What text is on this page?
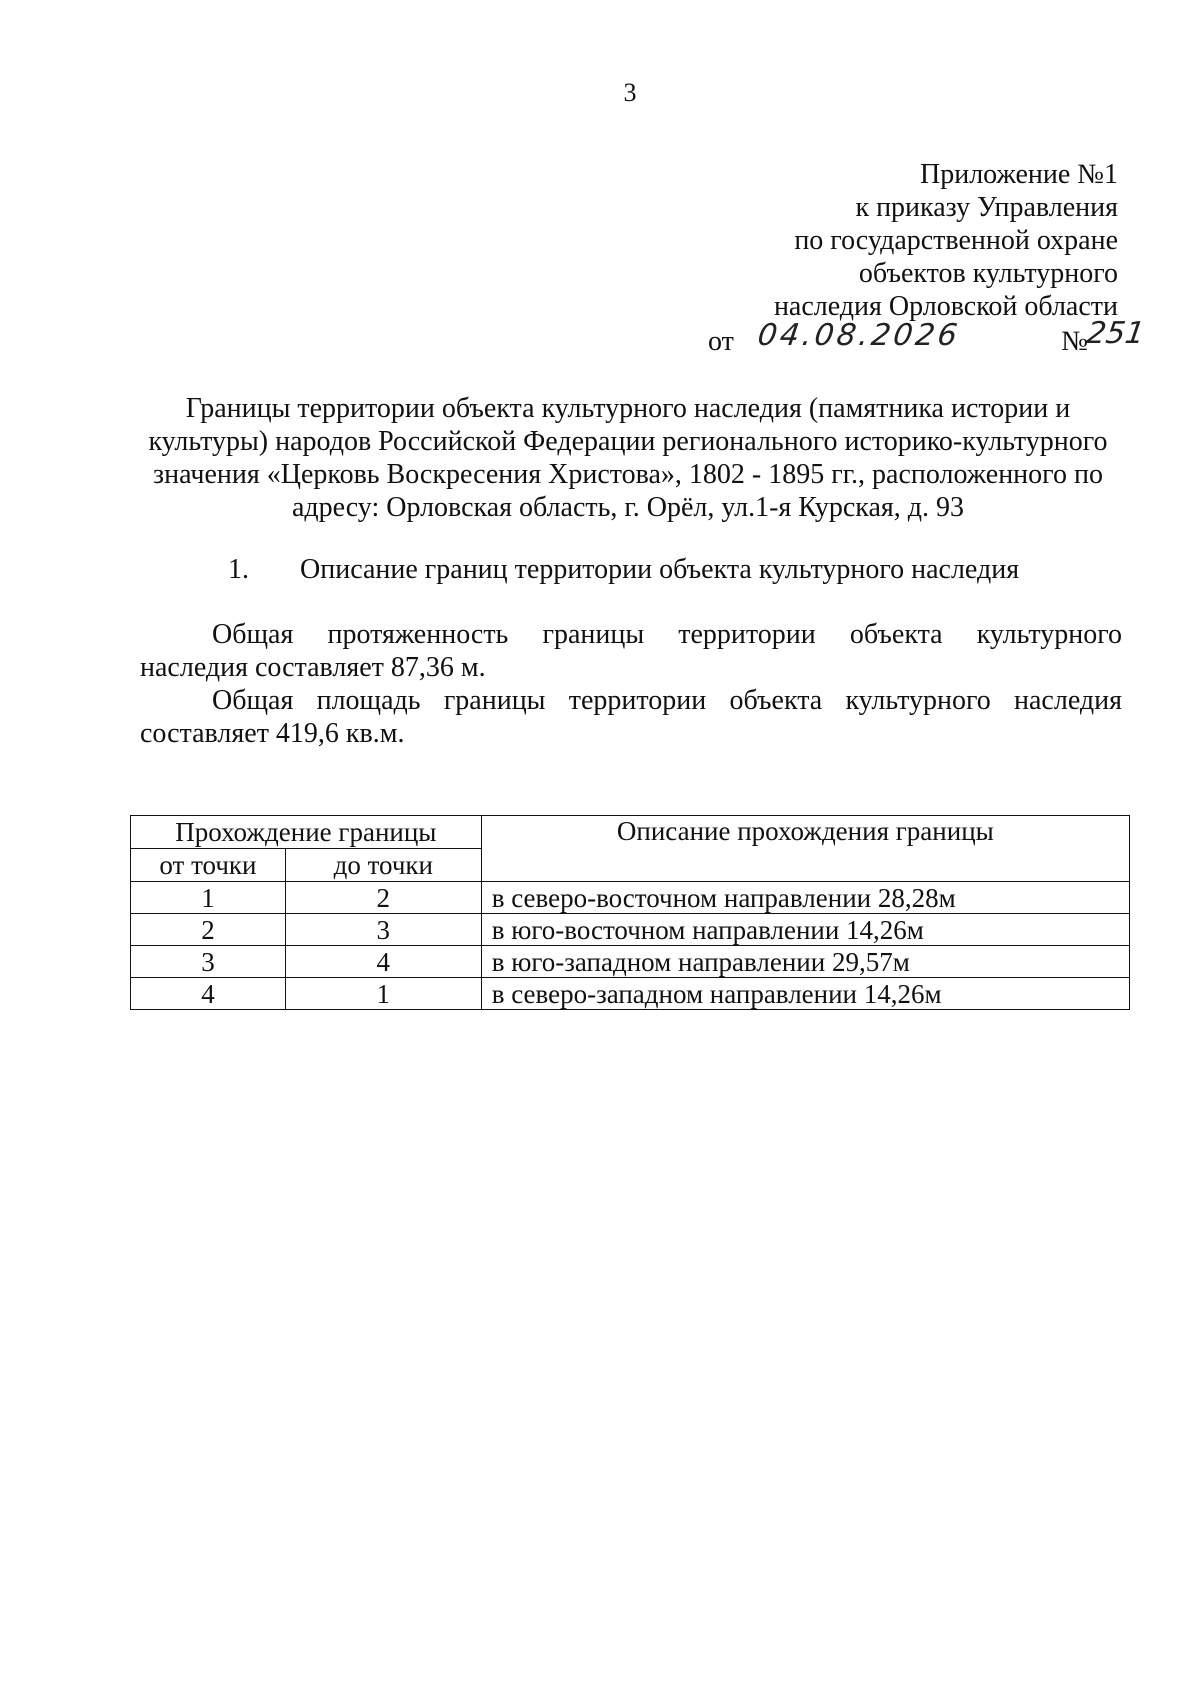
3
Приложение №1
к приказу Управления
по государственной охране
объектов культурного
наследия Орловской области
от 04.08.2026	№
251
Границы территории объекта культурного наследия (памятника истории и
культуры) народов Российской Федерации регионального историко-культурного
значения «Церковь Воскресения Христова», 1802 - 1895 гг., расположенного по
адресу: Орловская область, г. Орёл, ул.1-я Курская, д. 93
1. Описание границ территории объекта культурного наследия
Общая протяженность границы территории объекта культурного
наследия составляет 87,36 м.
Общая площадь границы территории объекта культурного наследия
составляет 419,6 кв.м.
Прохождение границы		Описание прохождения границы
от точки	до точки	
1	2	в северо-восточном направлении 28,28м
2	3	в юго-восточном направлении 14,26м
3	4	в юго-западном направлении 29,57м
4	1	в северо-западном направлении 14,26м
